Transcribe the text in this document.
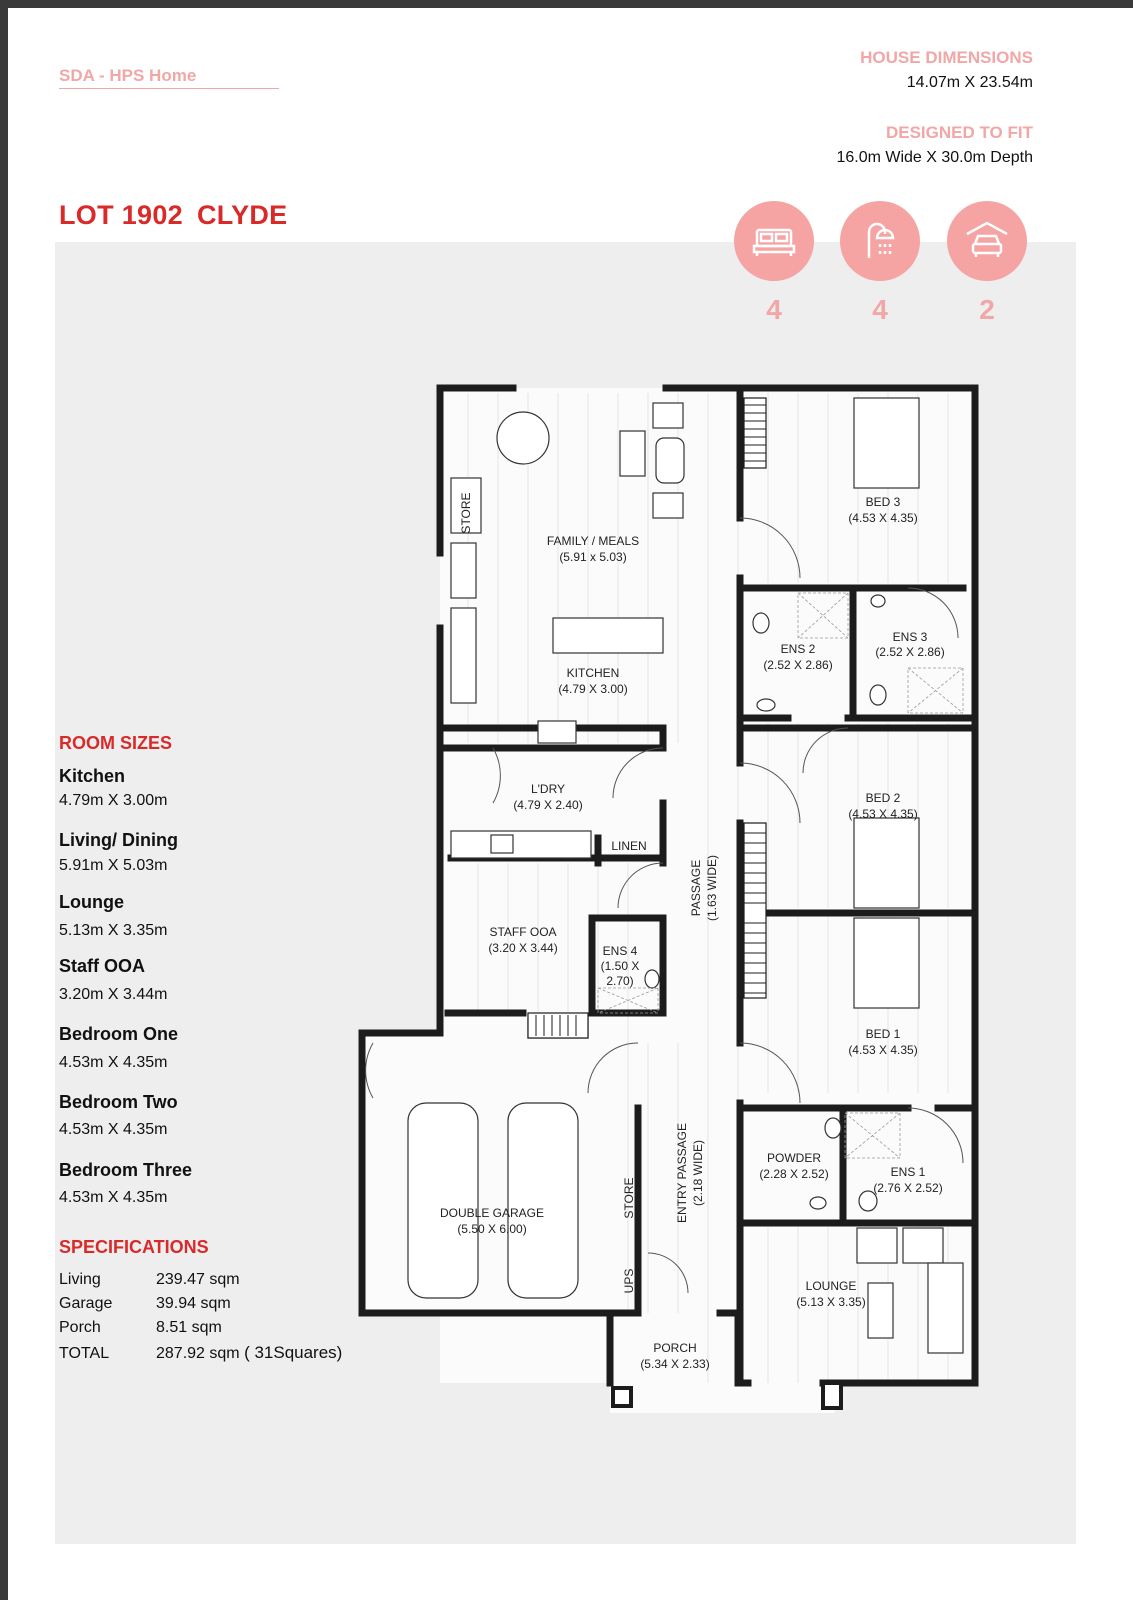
SDA - HPS Home
HOUSE DIMENSIONS
14.07m X 23.54m
DESIGNED TO FIT
16.0m Wide X 30.0m Depth
LOT 1902 CLYDE
4	4	2
ROOM SIZES
Kitchen
4.79m X 3.00m
Living/ Dining
5.91m X 5.03m
Lounge
5.13m X 3.35m
Staff OOA
3.20m X 3.44m
Bedroom One
4.53m X 4.35m
Bedroom Two
4.53m X 4.35m
Bedroom Three
4.53m X 4.35m
SPECIFICATIONS
Living	239.47 sqm
Garage	39.94 sqm
Porch	8.51 sqm
TOTAL	287.92 sqm ( 31Squares)
FAMILY / MEALS
(5.91 x 5.03)
KITCHEN
(4.79 X 3.00)
STORE
L'DRY
(4.79 X 2.40)
LINEN
STAFF OOA
(3.20 X 3.44)	ENS 4
(1.50 X
2.70)
PASSAGE (1.63 WIDE)
BED 3
(4.53 X 4.35)
ENS 2
(2.52 X 2.86)
ENS 3
(2.52 X 2.86)
BED 2
(4.53 X 4.35)
BED 1
(4.53 X 4.35)
POWDER
(2.28 X 2.52)	ENS 1
(2.76 X 2.52)
DOUBLE GARAGE
(5.50 X 6.00)
STORE
UPS
ENTRY PASSAGE (2.18 WIDE)
LOUNGE
(5.13 X 3.35)
PORCH
(5.34 X 2.33)
